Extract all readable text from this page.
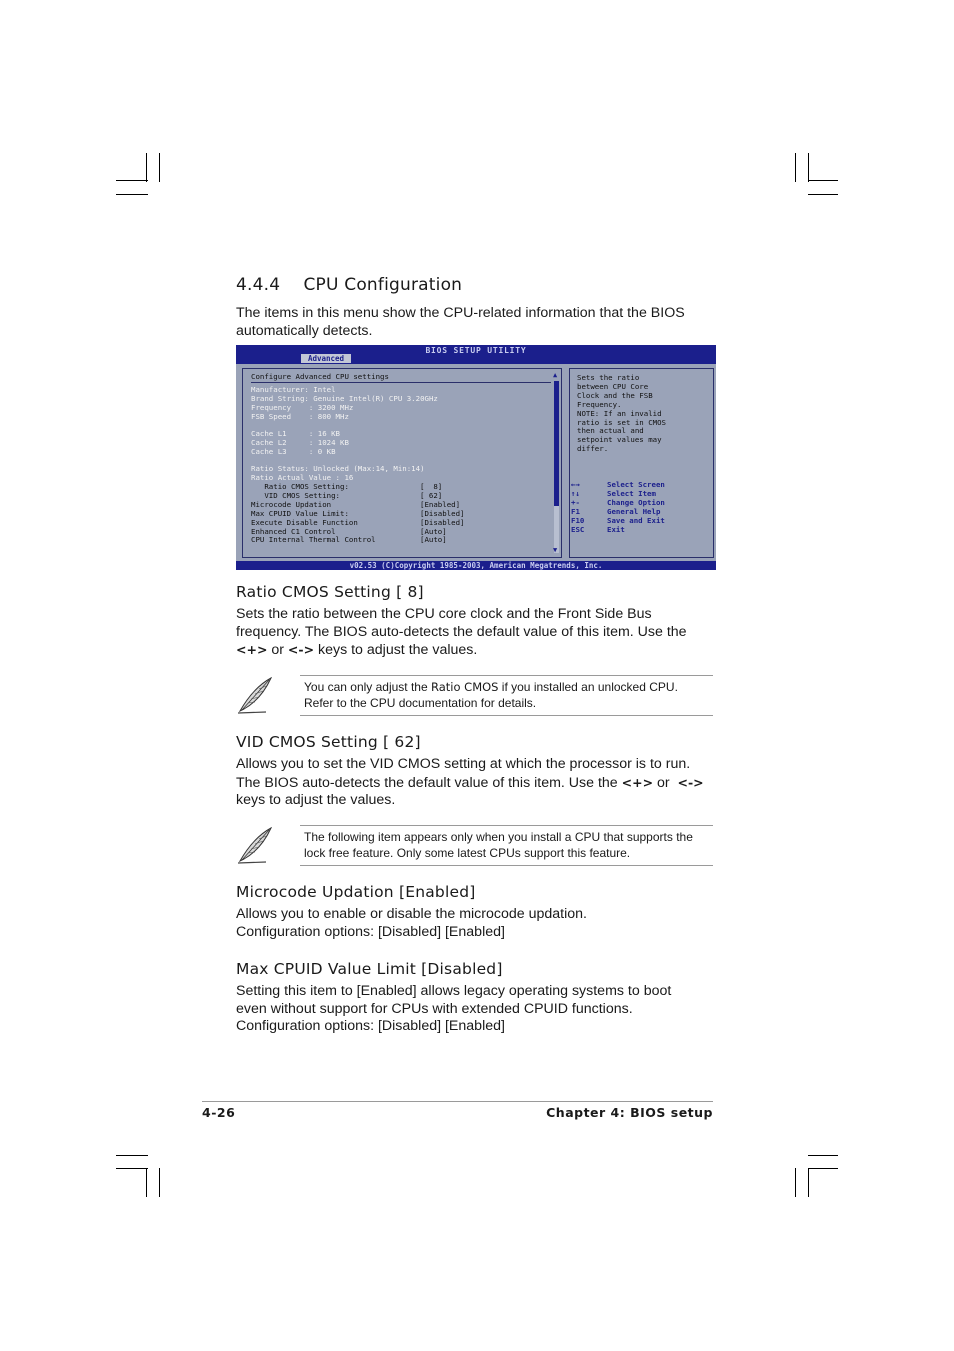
4.4.4 CPU Configuration
The items in this menu show the CPU-related information that the BIOS
automatically detects.
BIOS SETUP UTILITY
Advanced
Configure Advanced CPU settings
Manufacturer: Intel
Brand String: Genuine Intel(R) CPU 3.20GHz
Frequency    : 3200 MHz
FSB Speed    : 800 MHz
Cache L1     : 16 KB
Cache L2     : 1024 KB
Cache L3     : 0 KB
Ratio Status: Unlocked (Max:14, Min:14)
Ratio Actual Value : 16
Ratio CMOS Setting:
VID CMOS Setting:
Microcode Updation
Max CPUID Value Limit:
Execute Disable Function
Enhanced C1 Control
CPU Internal Thermal Control
[  8]
[ 62]
[Enabled]
[Disabled]
[Disabled]
[Auto]
[Auto]
▲
▼
Sets the ratio
between CPU Core
Clock and the FSB
Frequency.
NOTE: If an invalid
ratio is set in CMOS
then actual and
setpoint values may
differ.
←→
↑↓
+-
F1
F10
ESC
Select Screen
Select Item
Change Option
General Help
Save and Exit
Exit
v02.53 (C)Copyright 1985-2003, American Megatrends, Inc.
Ratio CMOS Setting [ 8]
Sets the ratio between the CPU core clock and the Front Side Bus
frequency. The BIOS auto-detects the default value of this item. Use the
<+> or <-> keys to adjust the values.
You can only adjust the Ratio CMOS if you installed an unlocked CPU.
Refer to the CPU documentation for details.
VID CMOS Setting [ 62]
Allows you to set the VID CMOS setting at which the processor is to run.
The BIOS auto-detects the default value of this item. Use the <+> or  <->
keys to adjust the values.
The following item appears only when you install a CPU that supports the
lock free feature. Only some latest CPUs support this feature.
Microcode Updation [Enabled]
Allows you to enable or disable the microcode updation.
Configuration options: [Disabled] [Enabled]
Max CPUID Value Limit [Disabled]
Setting this item to [Enabled] allows legacy operating systems to boot
even without support for CPUs with extended CPUID functions.
Configuration options: [Disabled] [Enabled]
4-26	Chapter 4: BIOS setup
